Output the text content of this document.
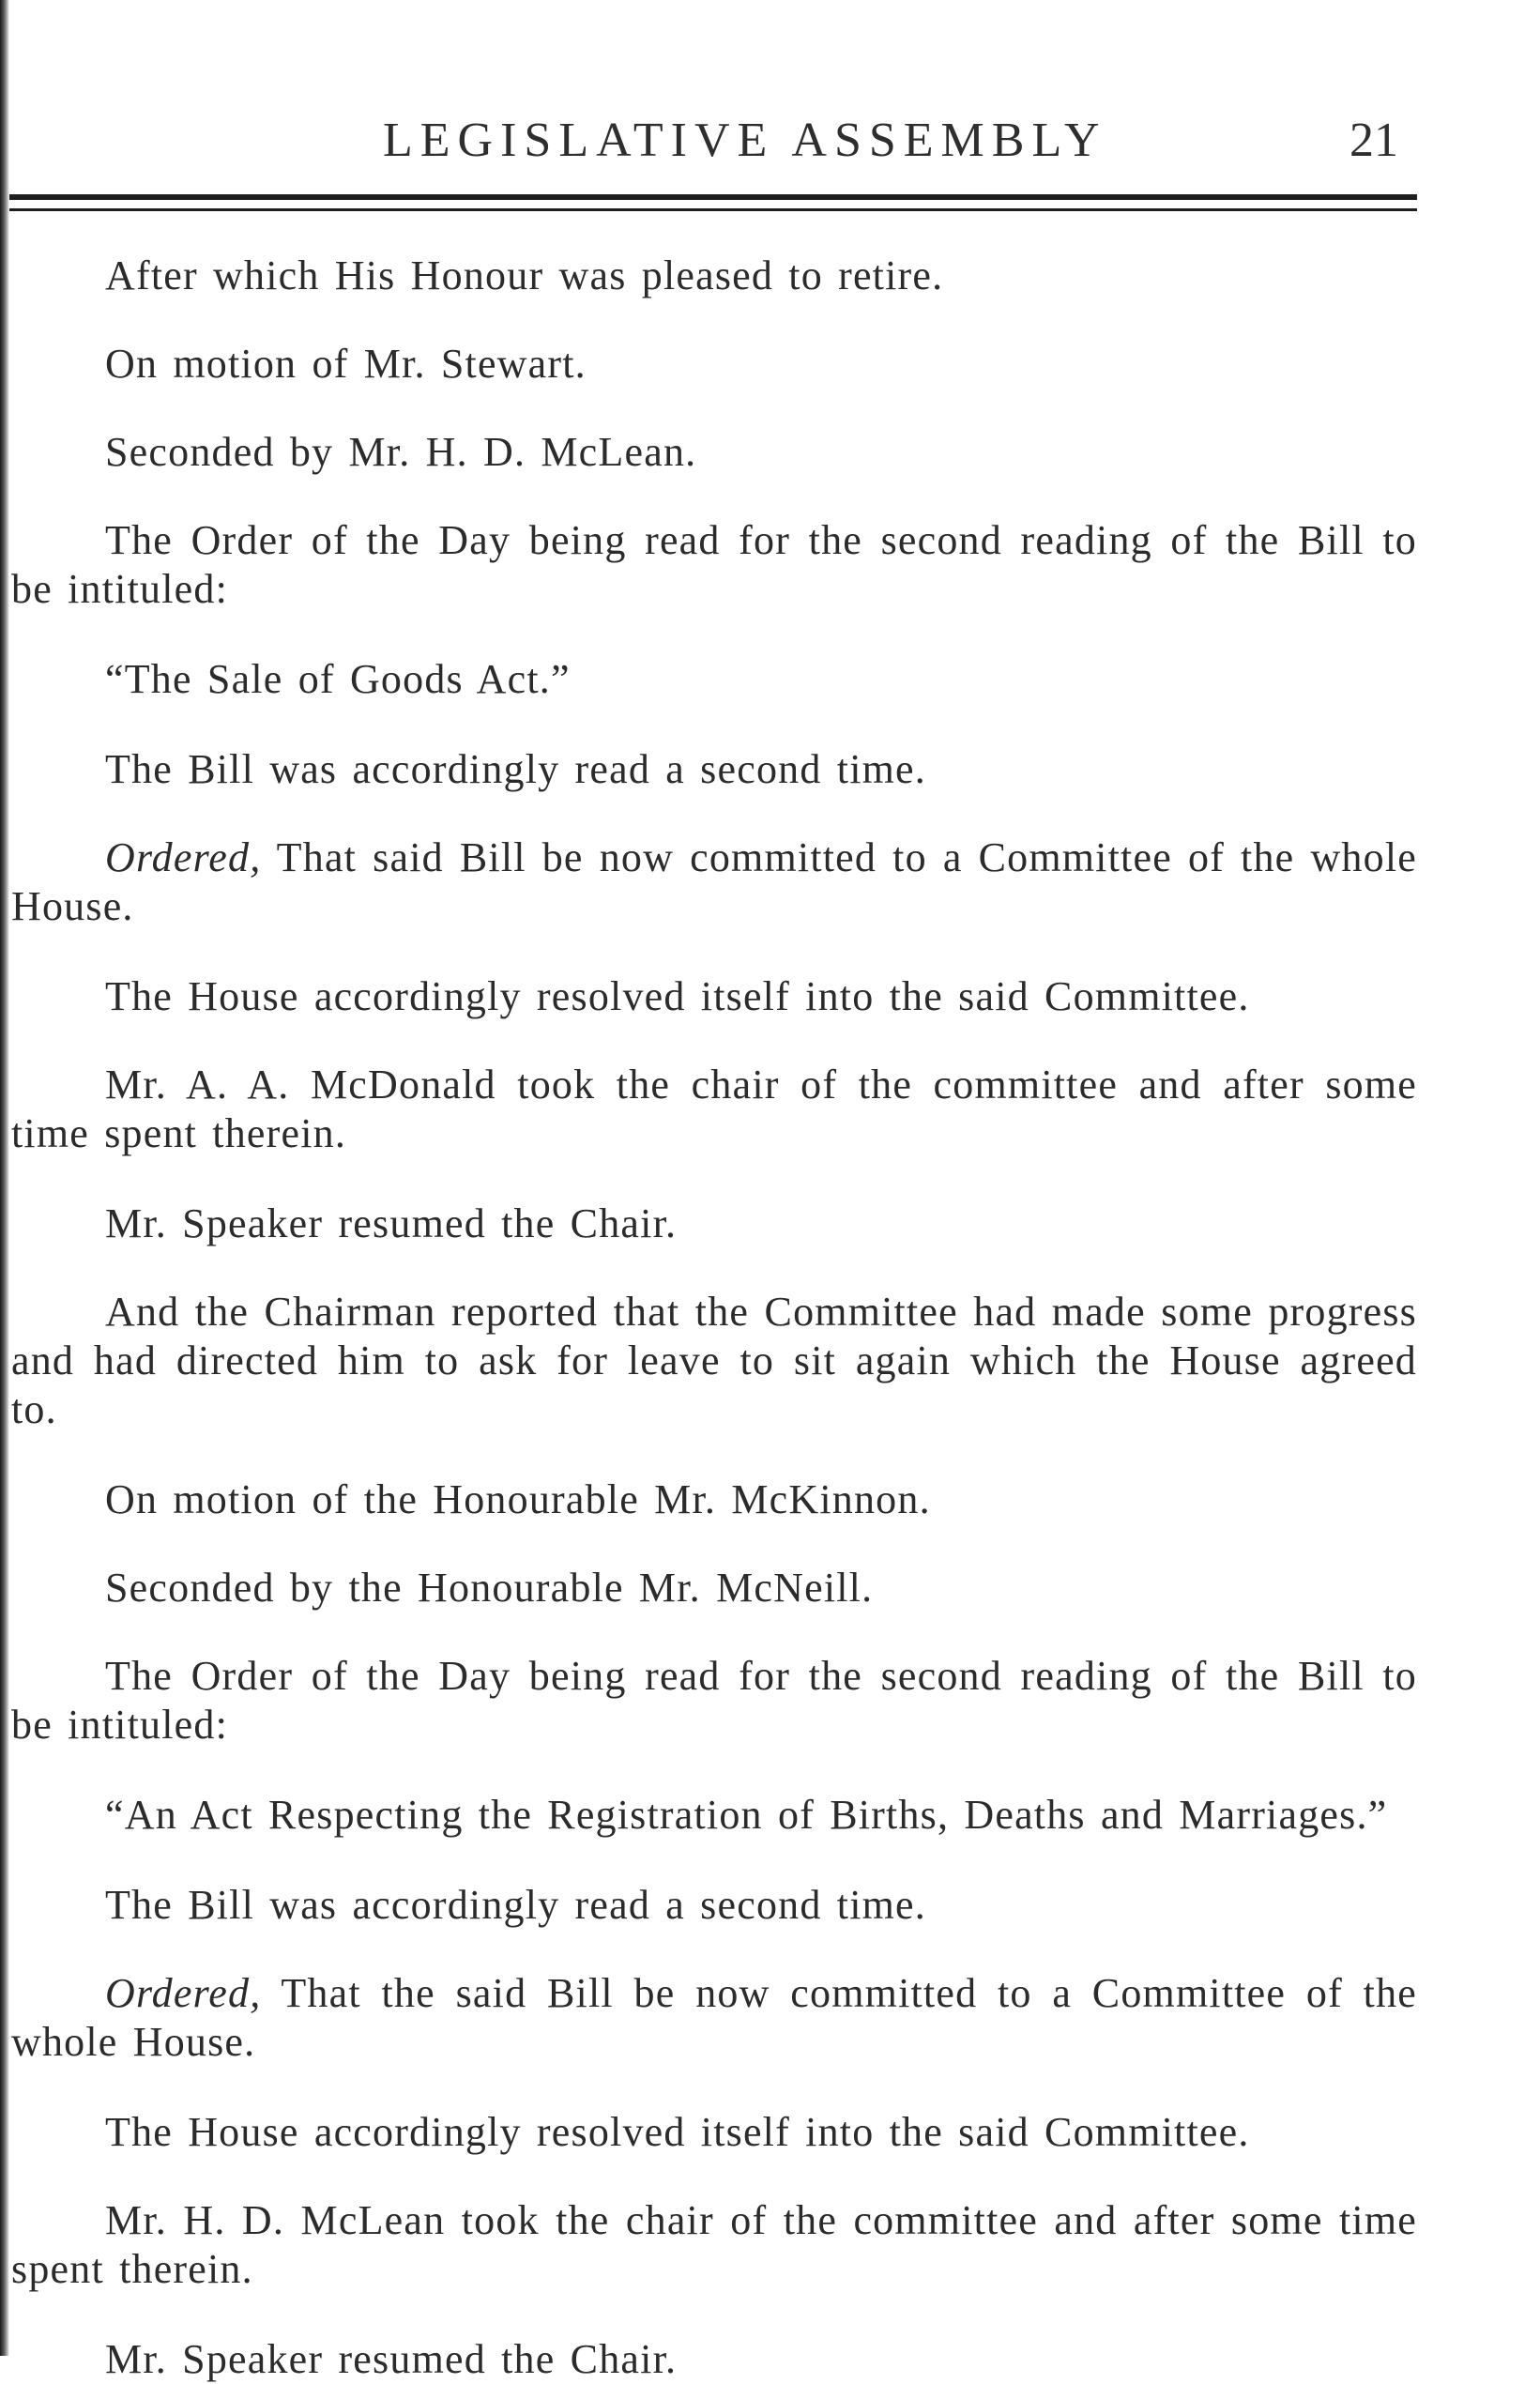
LEGISLATIVE ASSEMBLY	21

After which His Honour was pleased to retire.

On motion of Mr. Stewart.

Seconded by Mr. H. D. McLean.

The Order of the Day being read for the second reading of the Bill to be intituled:

“The Sale of Goods Act.”

The Bill was accordingly read a second time.

Ordered, That said Bill be now committed to a Committee of the whole House.

The House accordingly resolved itself into the said Committee.

Mr. A. A. McDonald took the chair of the committee and after some time spent therein.

Mr. Speaker resumed the Chair.

And the Chairman reported that the Committee had made some progress and had directed him to ask for leave to sit again which the House agreed to.

On motion of the Honourable Mr. McKinnon.

Seconded by the Honourable Mr. McNeill.

The Order of the Day being read for the second reading of the Bill to be intituled:

“An Act Respecting the Registration of Births, Deaths and Marriages.”

The Bill was accordingly read a second time.

Ordered, That the said Bill be now committed to a Committee of the whole House.

The House accordingly resolved itself into the said Committee.

Mr. H. D. McLean took the chair of the committee and after some time spent therein.

Mr. Speaker resumed the Chair.
